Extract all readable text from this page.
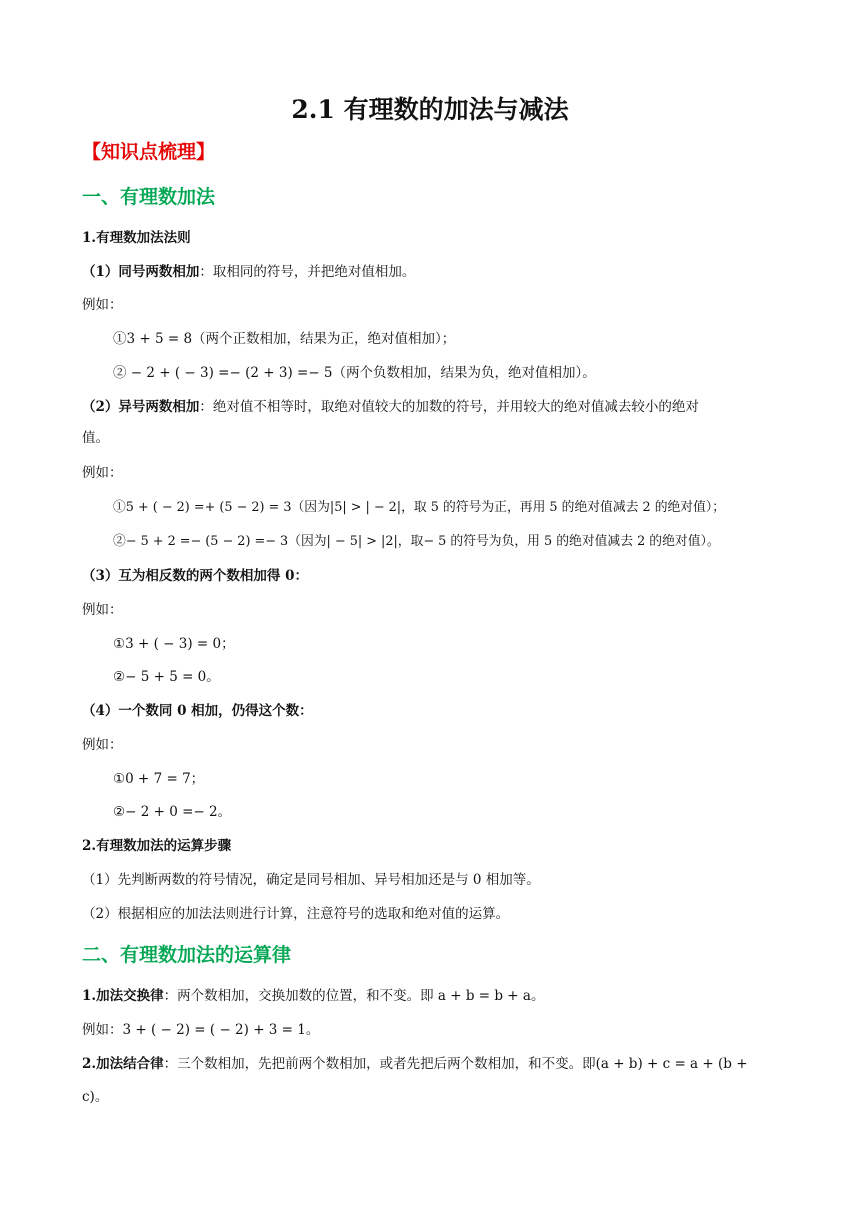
2.1 有理数的加法与减法
【知识点梳理】
一、有理数加法
1.有理数加法法则
（1）同号两数相加：取相同的符号，并把绝对值相加。
例如：
①3 + 5 = 8（两个正数相加，结果为正，绝对值相加）；
② − 2 + ( − 3) =− (2 + 3) =− 5（两个负数相加，结果为负，绝对值相加）。
（2）异号两数相加：绝对值不相等时，取绝对值较大的加数的符号，并用较大的绝对值减去较小的绝对
值。
例如：
①5 + ( − 2) =+ (5 − 2) = 3（因为|5| > | − 2|，取 5 的符号为正，再用 5 的绝对值减去 2 的绝对值）；
②− 5 + 2 =− (5 − 2) =− 3（因为| − 5| > |2|，取− 5 的符号为负，用 5 的绝对值减去 2 的绝对值）。
（3）互为相反数的两个数相加得 0：
例如：
①3 + ( − 3) = 0；
②− 5 + 5 = 0。
（4）一个数同 0 相加，仍得这个数：
例如：
①0 + 7 = 7；
②− 2 + 0 =− 2。
2.有理数加法的运算步骤
（1）先判断两数的符号情况，确定是同号相加、异号相加还是与 0 相加等。
（2）根据相应的加法法则进行计算，注意符号的选取和绝对值的运算。
二、有理数加法的运算律
1.加法交换律：两个数相加，交换加数的位置，和不变。即 a + b = b + a。
例如：3 + ( − 2) = ( − 2) + 3 = 1。
2.加法结合律：三个数相加，先把前两个数相加，或者先把后两个数相加，和不变。即(a + b) + c = a + (b +
c)。
